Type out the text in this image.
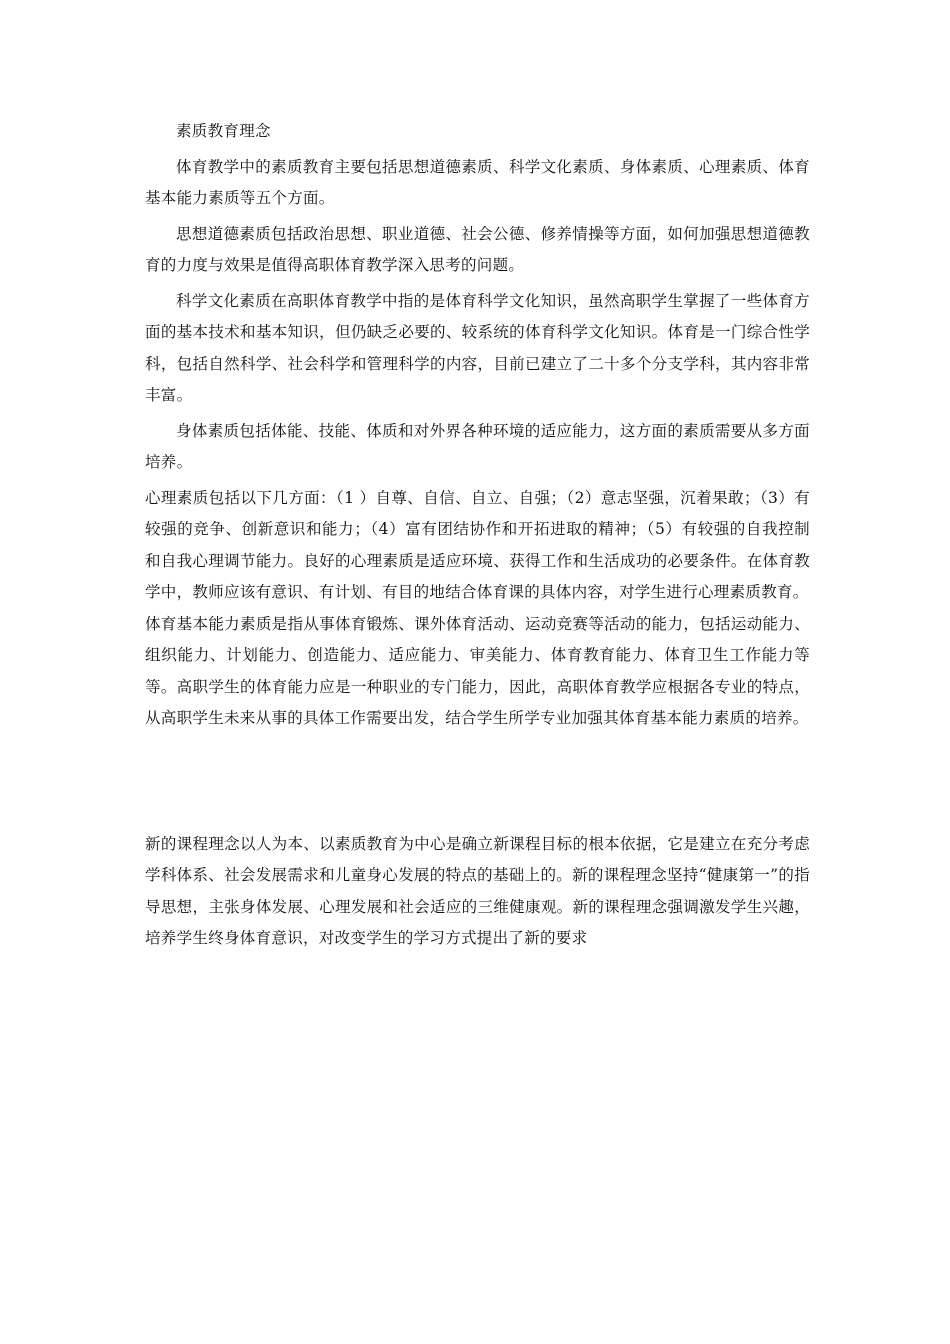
素质教育理念

体育教学中的素质教育主要包括思想道德素质、科学文化素质、身体素质、心理素质、体育基本能力素质等五个方面。

思想道德素质包括政治思想、职业道德、社会公德、修养情操等方面，如何加强思想道德教育的力度与效果是值得高职体育教学深入思考的问题。

科学文化素质在高职体育教学中指的是体育科学文化知识，虽然高职学生掌握了一些体育方面的基本技术和基本知识，但仍缺乏必要的、较系统的体育科学文化知识。体育是一门综合性学科，包括自然科学、社会科学和管理科学的内容，目前已建立了二十多个分支学科，其内容非常丰富。

身体素质包括体能、技能、体质和对外界各种环境的适应能力，这方面的素质需要从多方面培养。

心理素质包括以下几方面：（1 ）自尊、自信、自立、自强；（2）意志坚强，沉着果敢；（3）有较强的竞争、创新意识和能力；（4）富有团结协作和开拓进取的精神；（5）有较强的自我控制和自我心理调节能力。良好的心理素质是适应环境、获得工作和生活成功的必要条件。在体育教学中，教师应该有意识、有计划、有目的地结合体育课的具体内容，对学生进行心理素质教育。

体育基本能力素质是指从事体育锻炼、课外体育活动、运动竞赛等活动的能力，包括运动能力、组织能力、计划能力、创造能力、适应能力、审美能力、体育教育能力、体育卫生工作能力等等。高职学生的体育能力应是一种职业的专门能力，因此，高职体育教学应根据各专业的特点，从高职学生未来从事的具体工作需要出发，结合学生所学专业加强其体育基本能力素质的培养。

新的课程理念以人为本、以素质教育为中心是确立新课程目标的根本依据，它是建立在充分考虑学科体系、社会发展需求和儿童身心发展的特点的基础上的。新的课程理念坚持“健康第一”的指导思想，主张身体发展、心理发展和社会适应的三维健康观。新的课程理念强调激发学生兴趣，培养学生终身体育意识，对改变学生的学习方式提出了新的要求
